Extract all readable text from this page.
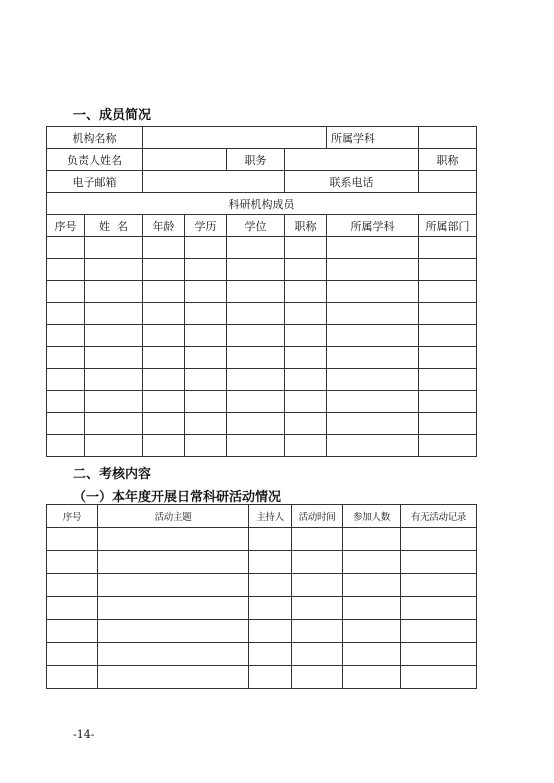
一、成员简况
机构名称						所属学科	
负责人姓名				职务			职称
电子邮箱					联系电话		
科研机构成员							
序号	姓  名	年龄	学历	学位	职称	所属学科	所属部门

二、考核内容
（一）本年度开展日常科研活动情况
序号	活动主题	主持人	活动时间	参加人数	有无活动记录

-14-
